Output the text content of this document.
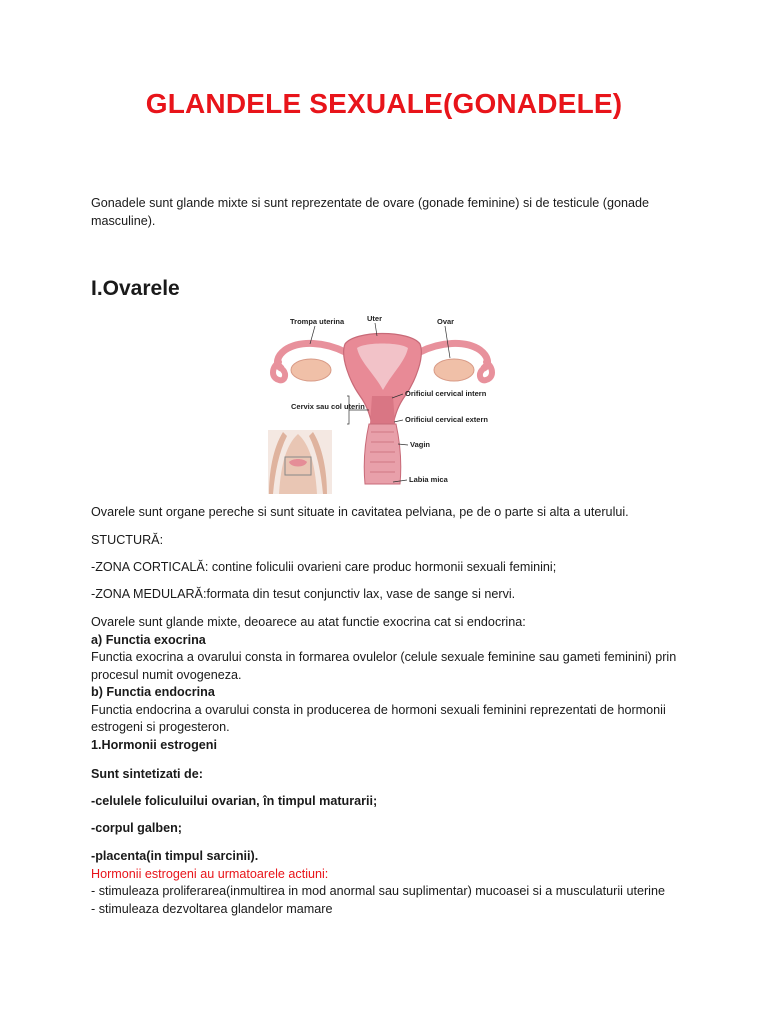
GLANDELE SEXUALE(GONADELE)
Gonadele sunt glande mixte si sunt reprezentate de ovare (gonade feminine) si de testicule (gonade masculine).
I.Ovarele
Trompa uterina	Uter	Ovar
Orificiul cervical intern
Cervix sau col uterin
Orificiul cervical extern
Vagin
Labia mica
Ovarele sunt organe pereche si sunt situate in cavitatea pelviana, pe de o parte si alta a uterului.
STUCTURĂ:
-ZONA CORTICALĂ: contine foliculii ovarieni care produc hormonii sexuali feminini;
-ZONA MEDULARĂ:formata din tesut conjunctiv lax, vase de sange si nervi.
Ovarele sunt glande mixte, deoarece au atat functie exocrina cat si endocrina:
a) Functia exocrina
Functia exocrina a ovarului consta in formarea ovulelor (celule sexuale feminine sau gameti feminini) prin procesul numit ovogeneza.
b) Functia endocrina
Functia endocrina a ovarului consta in producerea de hormoni sexuali feminini reprezentati de hormonii estrogeni si progesteron.
1.Hormonii estrogeni
Sunt sintetizati de:
-celulele foliculuilui ovarian, în timpul maturarii;
-corpul galben;
-placenta(in timpul sarcinii).
Hormonii estrogeni au urmatoarele actiuni:
- stimuleaza proliferarea(inmultirea in mod anormal sau suplimentar) mucoasei si a musculaturii uterine
- stimuleaza dezvoltarea glandelor mamare
